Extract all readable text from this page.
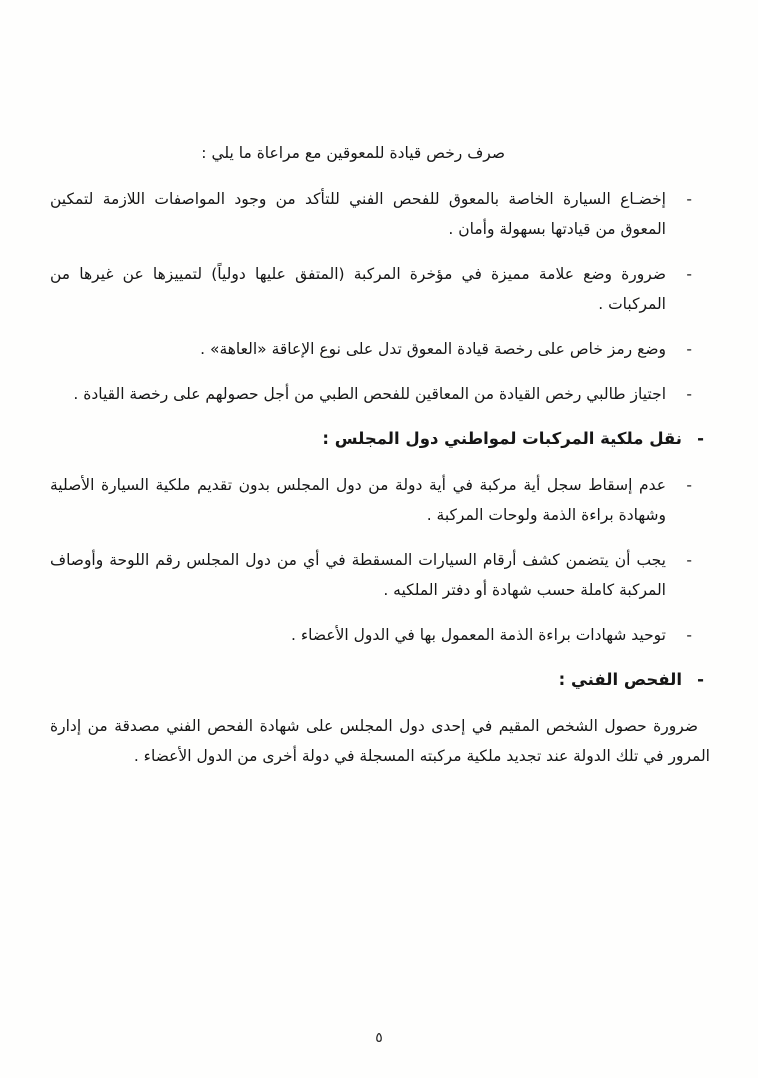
صرف رخص قيادة للمعوقين مع مراعاة ما يلي :

-
إخضـاع السيارة الخاصة بالمعوق للفحص الفني للتأكد من وجود المواصفات اللازمة لتمكين المعوق من قيادتها بسهولة وأمان .
-
ضرورة وضع علامة مميزة في مؤخرة المركبة (المتفق عليها دولياً) لتمييزها عن غيرها من المركبات .
-
وضع رمز خاص على رخصة قيادة المعوق تدل على نوع الإعاقة «العاهة» .
-
اجتياز طالبي رخص القيادة من المعاقين للفحص الطبي من أجل حصولهم على رخصة القيادة .
-
نقل ملكية المركبات لمواطني دول المجلس :
-
عدم إسقاط سجل أية مركبة في أية دولة من دول المجلس بدون تقديم ملكية السيارة الأصلية وشهادة براءة الذمة ولوحات المركبة .
-
يجب أن يتضمن كشف أرقام السيارات المسقطة في أي من دول المجلس رقم اللوحة وأوصاف المركبة كاملة حسب شهادة أو دفتر الملكيه .
-
توحيد شهادات براءة الذمة المعمول بها في الدول الأعضاء .
-
الفحص الفني :

ضرورة حصول الشخص المقيم في إحدى دول المجلس على شهادة الفحص الفني مصدقة من إدارة المرور في تلك الدولة عند تجديد ملكية مركبته المسجلة في دولة أخرى من الدول الأعضاء .

٥
